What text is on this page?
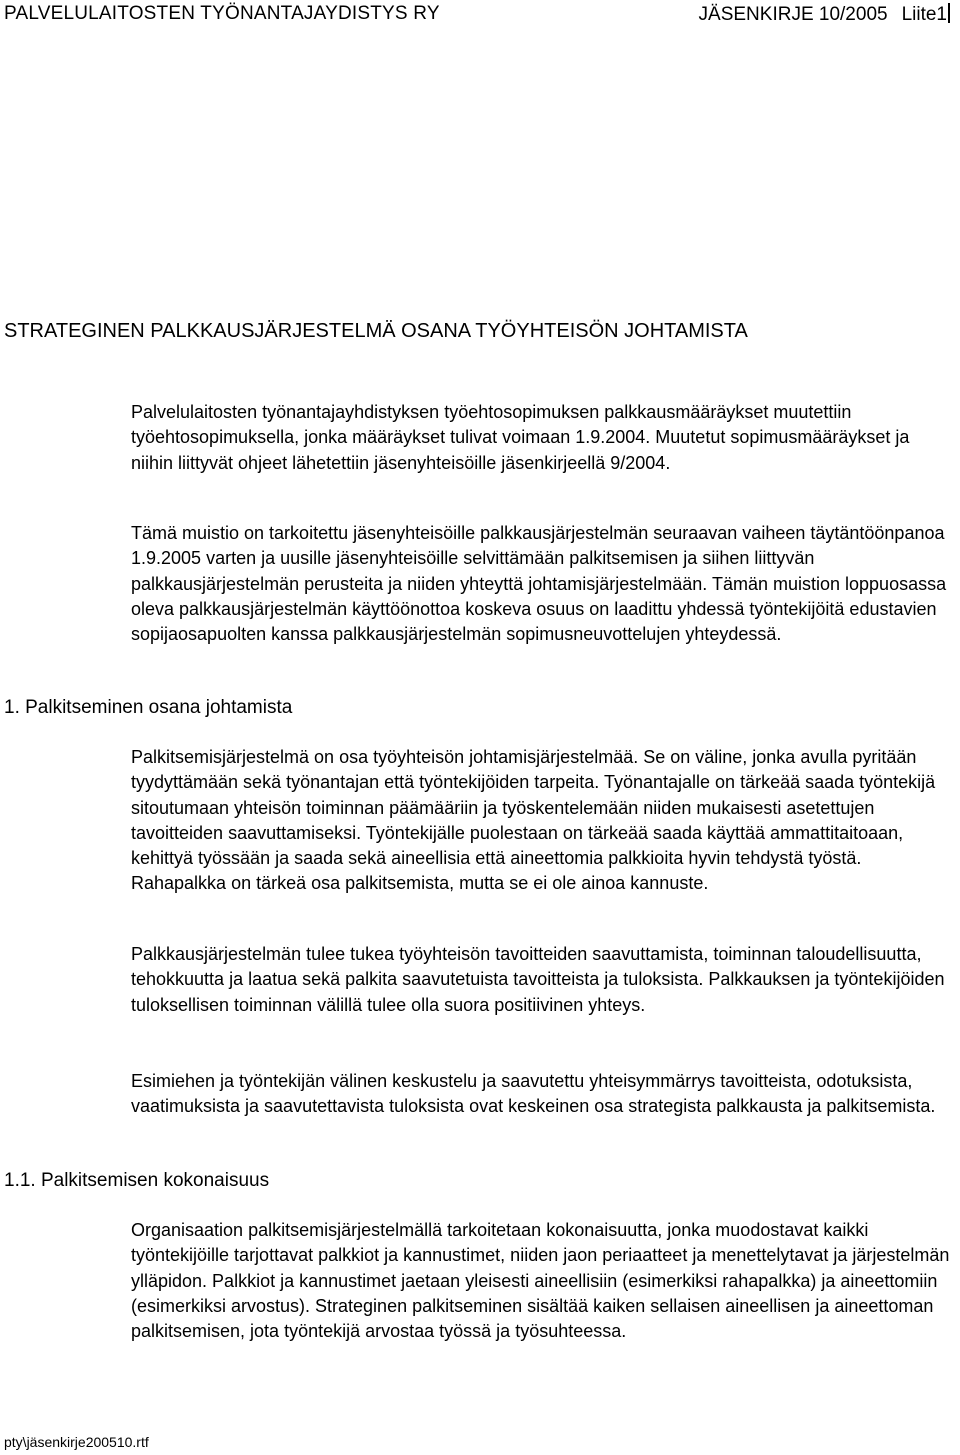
PALVELULAITOSTEN TYÖNANTAJAYDISTYS RY	JÄSENKIRJE 10/2005 Liite1
STRATEGINEN PALKKAUSJÄRJESTELMÄ OSANA TYÖYHTEISÖN JOHTAMISTA

Palvelulaitosten työnantajayhdistyksen työehtosopimuksen palkkausmääräykset muutettiin työehtosopimuksella, jonka määräykset tulivat voimaan 1.9.2004. Muutetut sopimusmääräykset ja niihin liittyvät ohjeet lähetettiin jäsenyhteisöille jäsenkirjeellä 9/2004.

Tämä muistio on tarkoitettu jäsenyhteisöille palkkausjärjestelmän seuraavan vaiheen täytäntöönpanoa 1.9.2005 varten ja uusille jäsenyhteisöille selvittämään palkitsemisen ja siihen liittyvän palkkausjärjestelmän perusteita ja niiden yhteyttä johtamisjärjestelmään. Tämän muistion loppuosassa oleva palkkausjärjestelmän käyttöönottoa koskeva osuus on laadittu yhdessä työntekijöitä edustavien sopijaosapuolten kanssa palkkausjärjestelmän sopimusneuvottelujen yhteydessä.

1. Palkitseminen osana johtamista

Palkitsemisjärjestelmä on osa työyhteisön johtamisjärjestelmää. Se on väline, jonka avulla pyritään tyydyttämään sekä työnantajan että työntekijöiden tarpeita. Työnantajalle on tärkeää saada työntekijä sitoutumaan yhteisön toiminnan päämääriin ja työskentelemään niiden mukaisesti asetettujen tavoitteiden saavuttamiseksi. Työntekijälle puolestaan on tärkeää saada käyttää ammattitaitoaan, kehittyä työssään ja saada sekä aineellisia että aineettomia palkkioita hyvin tehdystä työstä. Rahapalkka on tärkeä osa palkitsemista, mutta se ei ole ainoa kannuste.

Palkkausjärjestelmän tulee tukea työyhteisön tavoitteiden saavuttamista, toiminnan taloudellisuutta, tehokkuutta ja laatua sekä palkita saavutetuista tavoitteista ja tuloksista. Palkkauksen ja työntekijöiden tuloksellisen toiminnan välillä tulee olla suora positiivinen yhteys.

Esimiehen ja työntekijän välinen keskustelu ja saavutettu yhteisymmärrys tavoitteista, odotuksista, vaatimuksista ja saavutettavista tuloksista ovat keskeinen osa strategista palkkausta ja palkitsemista.

1.1. Palkitsemisen kokonaisuus

Organisaation palkitsemisjärjestelmällä tarkoitetaan kokonaisuutta, jonka muodostavat kaikki työntekijöille tarjottavat palkkiot ja kannustimet, niiden jaon periaatteet ja menettelytavat ja järjestelmän ylläpidon. Palkkiot ja kannustimet jaetaan yleisesti aineellisiin (esimerkiksi rahapalkka) ja aineettomiin (esimerkiksi arvostus). Strateginen palkitseminen sisältää kaiken sellaisen aineellisen ja aineettoman palkitsemisen, jota työntekijä arvostaa työssä ja työsuhteessa.

pty\jäsenkirje200510.rtf
